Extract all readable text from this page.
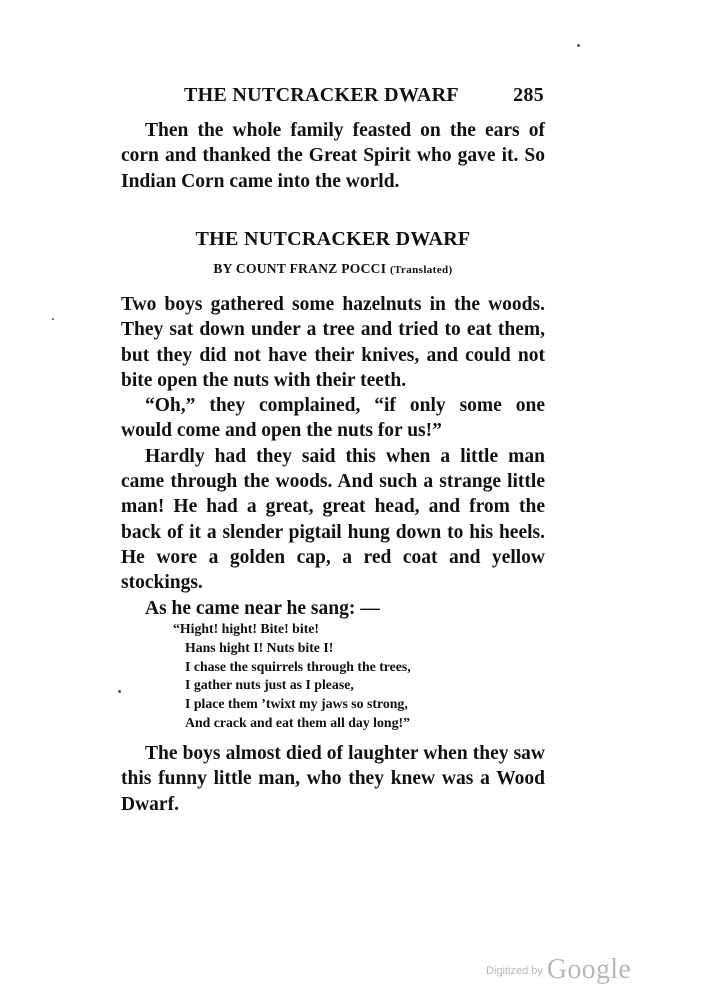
THE NUTCRACKER DWARF	285

Then the whole family feasted on the ears of corn and thanked the Great Spirit who gave it. So Indian Corn came into the world.

THE NUTCRACKER DWARF
BY COUNT FRANZ POCCI (Translated)

Two boys gathered some hazelnuts in the woods. They sat down under a tree and tried to eat them, but they did not have their knives, and could not bite open the nuts with their teeth.

“Oh,” they complained, “if only some one would come and open the nuts for us!”

Hardly had they said this when a little man came through the woods. And such a strange little man! He had a great, great head, and from the back of it a slender pigtail hung down to his heels. He wore a golden cap, a red coat and yellow stockings.

As he came near he sang: —

“Hight! hight! Bite! bite!
Hans hight I! Nuts bite I!
I chase the squirrels through the trees,
I gather nuts just as I please,
I place them ’twixt my jaws so strong,
And crack and eat them all day long!”

The boys almost died of laughter when they saw this funny little man, who they knew was a Wood Dwarf.

$^{Digitized by}$ Google
